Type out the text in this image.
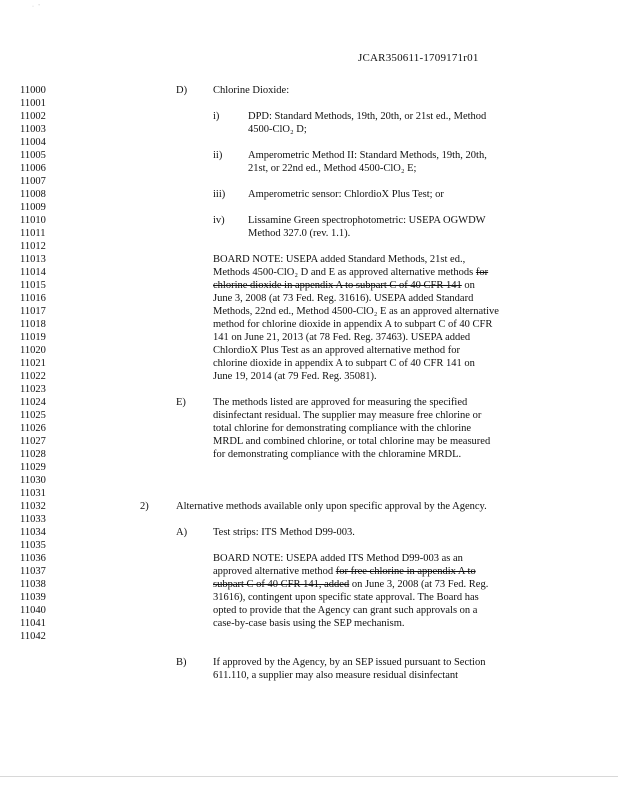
·   '
JCAR350611-1709171r01
11000
11001
11002
11003
11004
11005
11006
11007
11008
11009
11010
11011
11012
11013
11014
11015
11016
11017
11018
11019
11020
11021
11022
11023
11024
11025
11026
11027
11028
11029
11030
11031
11032
11033
11034
11035
11036
11037
11038
11039
11040
11041
11042
D) Chlorine Dioxide:
i)	DPD: Standard Methods, 19th, 20th, or 21st ed., Method
4500-ClO₂ D;
ii) Amperometric Method II: Standard Methods, 19th, 20th,
21st, or 22nd ed., Method 4500-ClO₂ E;
iii) Amperometric sensor: ChlordioX Plus Test; or
iv) Lissamine Green spectrophotometric: USEPA OGWDW
Method 327.0 (rev. 1.1).
BOARD NOTE: USEPA added Standard Methods, 21st ed.,
Methods 4500-ClO₂ D and E as approved alternative methods for
chlorine dioxide in appendix A to subpart C of 40 CFR 141 on
June 3, 2008 (at 73 Fed. Reg. 31616). USEPA added Standard
Methods, 22nd ed., Method 4500-ClO₂ E as an approved alternative
method for chlorine dioxide in appendix A to subpart C of 40 CFR
141 on June 21, 2013 (at 78 Fed. Reg. 37463). USEPA added
ChlordioX Plus Test as an approved alternative method for
chlorine dioxide in appendix A to subpart C of 40 CFR 141 on
June 19, 2014 (at 79 Fed. Reg. 35081).
E)	The methods listed are approved for measuring the specified
disinfectant residual. The supplier may measure free chlorine or
total chlorine for demonstrating compliance with the chlorine
MRDL and combined chlorine, or total chlorine may be measured
for demonstrating compliance with the chloramine MRDL.
2)	Alternative methods available only upon specific approval by the Agency.
A) Test strips: ITS Method D99-003.
BOARD NOTE: USEPA added ITS Method D99-003 as an
approved alternative method for free chlorine in appendix A to
subpart C of 40 CFR 141, added on June 3, 2008 (at 73 Fed. Reg.
31616), contingent upon specific state approval. The Board has
opted to provide that the Agency can grant such approvals on a
case-by-case basis using the SEP mechanism.
B)	If approved by the Agency, by an SEP issued pursuant to Section
611.110, a supplier may also measure residual disinfectant
